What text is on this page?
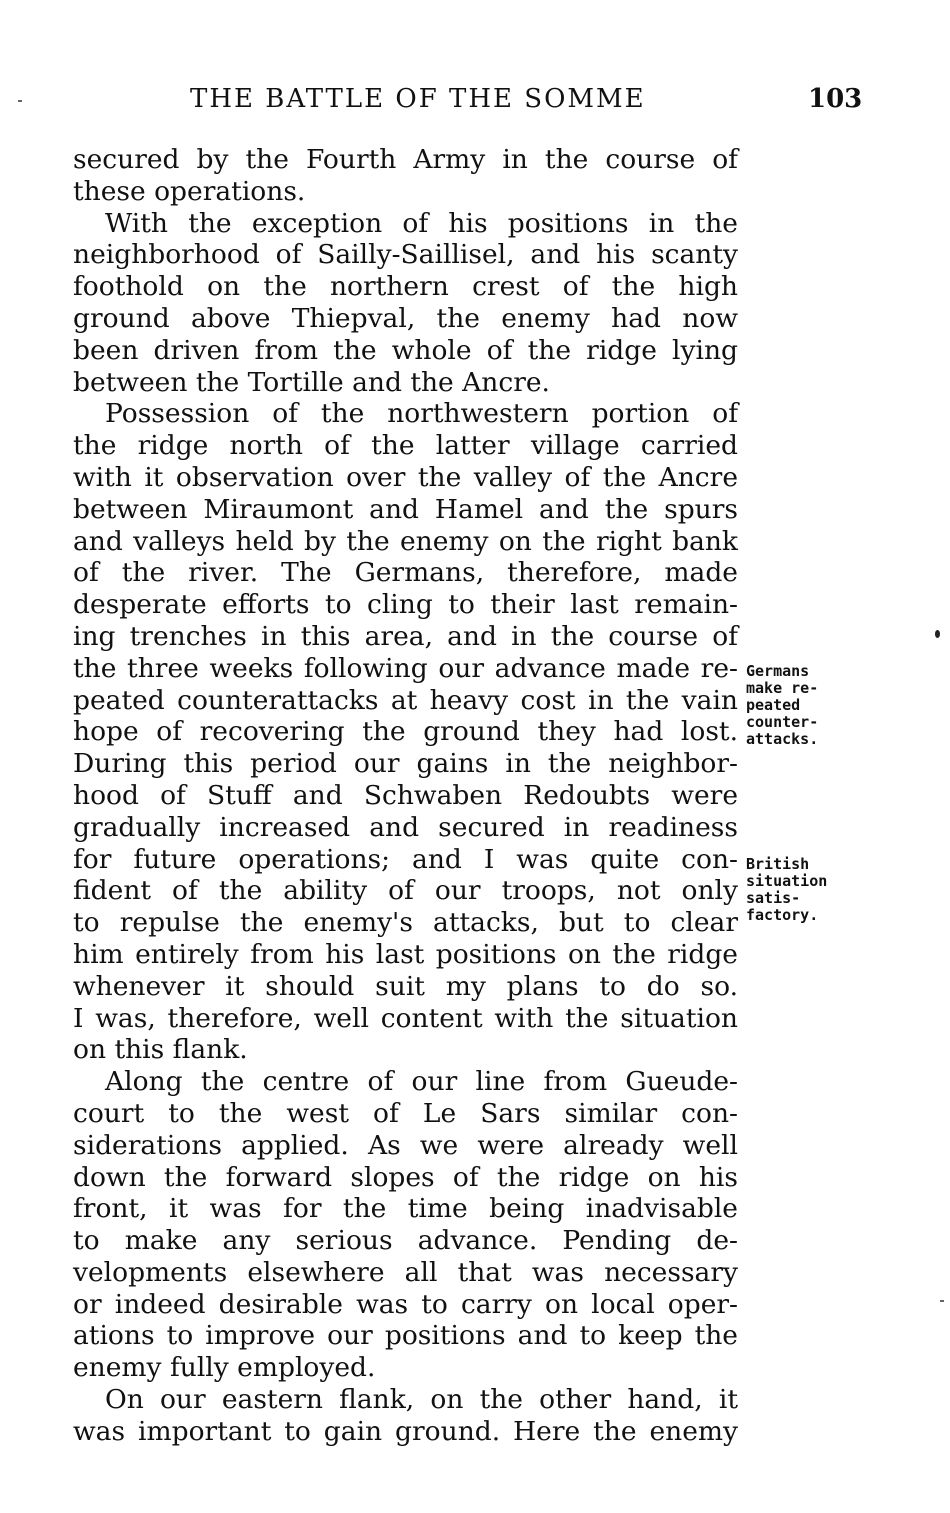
THE BATTLE OF THE SOMME	103
secured by the Fourth Army in the course of
these operations.
With the exception of his positions in the
neighborhood of Sailly-Saillisel, and his scanty
foothold on the northern crest of the high
ground above Thiepval, the enemy had now
been driven from the whole of the ridge lying
between the Tortille and the Ancre.
Possession of the northwestern portion of
the ridge north of the latter village carried
with it observation over the valley of the Ancre
between Miraumont and Hamel and the spurs
and valleys held by the enemy on the right bank
of the river. The Germans, therefore, made
desperate efforts to cling to their last remain-
ing trenches in this area, and in the course of
the three weeks following our advance made re-
peated counterattacks at heavy cost in the vain
hope of recovering the ground they had lost.
During this period our gains in the neighbor-
hood of Stuff and Schwaben Redoubts were
gradually increased and secured in readiness
for future operations; and I was quite con-
fident of the ability of our troops, not only
to repulse the enemy's attacks, but to clear
him entirely from his last positions on the ridge
whenever it should suit my plans to do so.
I was, therefore, well content with the situation
on this flank.
Along the centre of our line from Gueude-
court to the west of Le Sars similar con-
siderations applied. As we were already well
down the forward slopes of the ridge on his
front, it was for the time being inadvisable
to make any serious advance. Pending de-
velopments elsewhere all that was necessary
or indeed desirable was to carry on local oper-
ations to improve our positions and to keep the
enemy fully employed.
On our eastern flank, on the other hand, it
was important to gain ground. Here the enemy
Germans
make re-
peated
counter-
attacks.
British
situation
satis-
factory.
